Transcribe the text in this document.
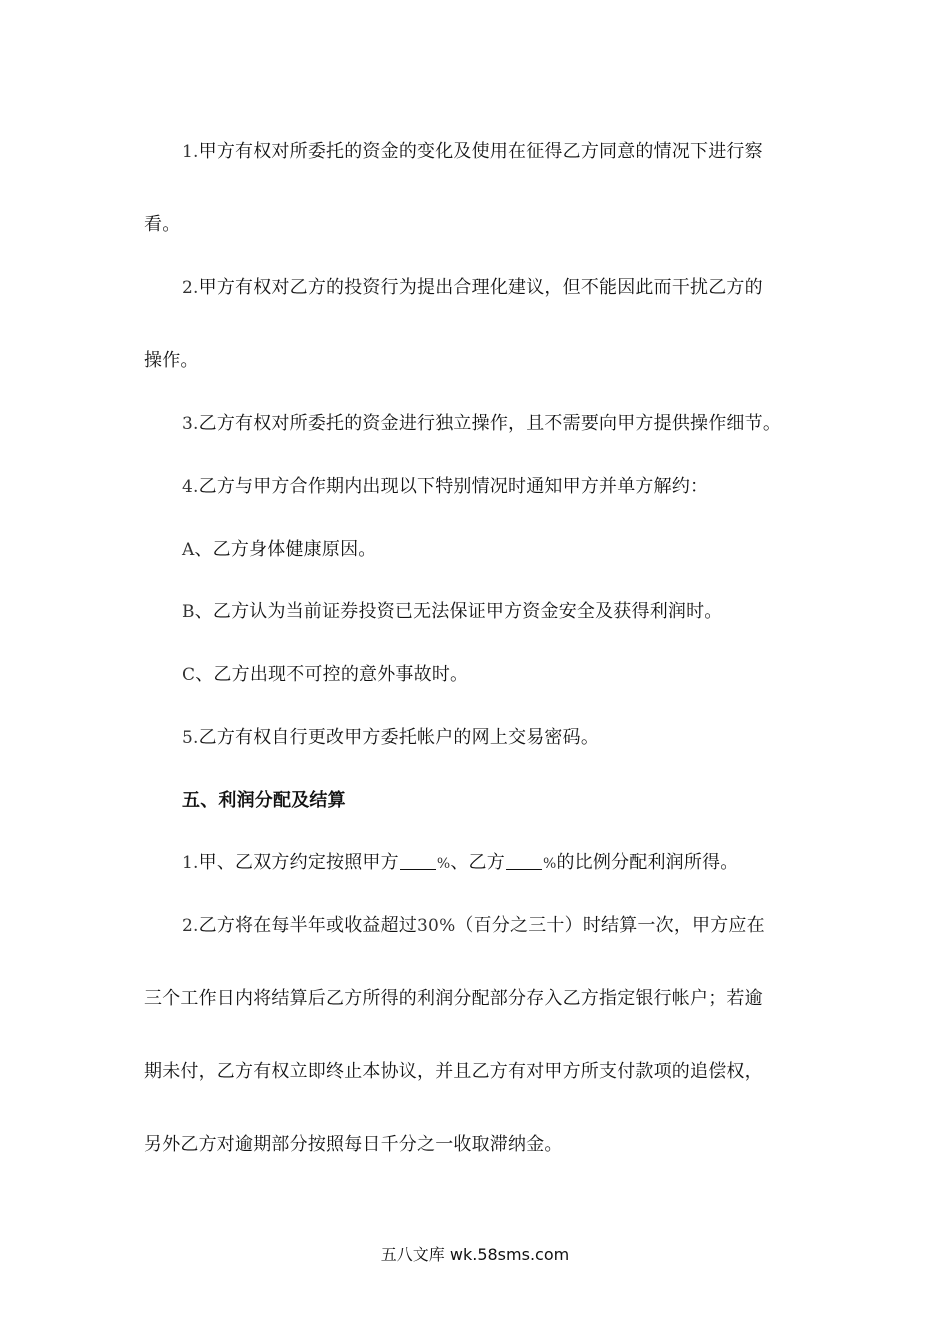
1.甲方有权对所委托的资金的变化及使用在征得乙方同意的情况下进行察
看。
2.甲方有权对乙方的投资行为提出合理化建议，但不能因此而干扰乙方的
操作。
3.乙方有权对所委托的资金进行独立操作，且不需要向甲方提供操作细节。
4.乙方与甲方合作期内出现以下特别情况时通知甲方并单方解约：
A、乙方身体健康原因。
B、乙方认为当前证券投资已无法保证甲方资金安全及获得利润时。
C、乙方出现不可控的意外事故时。
5.乙方有权自行更改甲方委托帐户的网上交易密码。
五、利润分配及结算
1.甲、乙双方约定按照甲方	%、乙方	%的比例分配利润所得。
2.乙方将在每半年或收益超过30%（百分之三十）时结算一次，甲方应在
三个工作日内将结算后乙方所得的利润分配部分存入乙方指定银行帐户；若逾
期未付，乙方有权立即终止本协议，并且乙方有对甲方所支付款项的追偿权，
另外乙方对逾期部分按照每日千分之一收取滞纳金。
五八文库 wk.58sms.com
